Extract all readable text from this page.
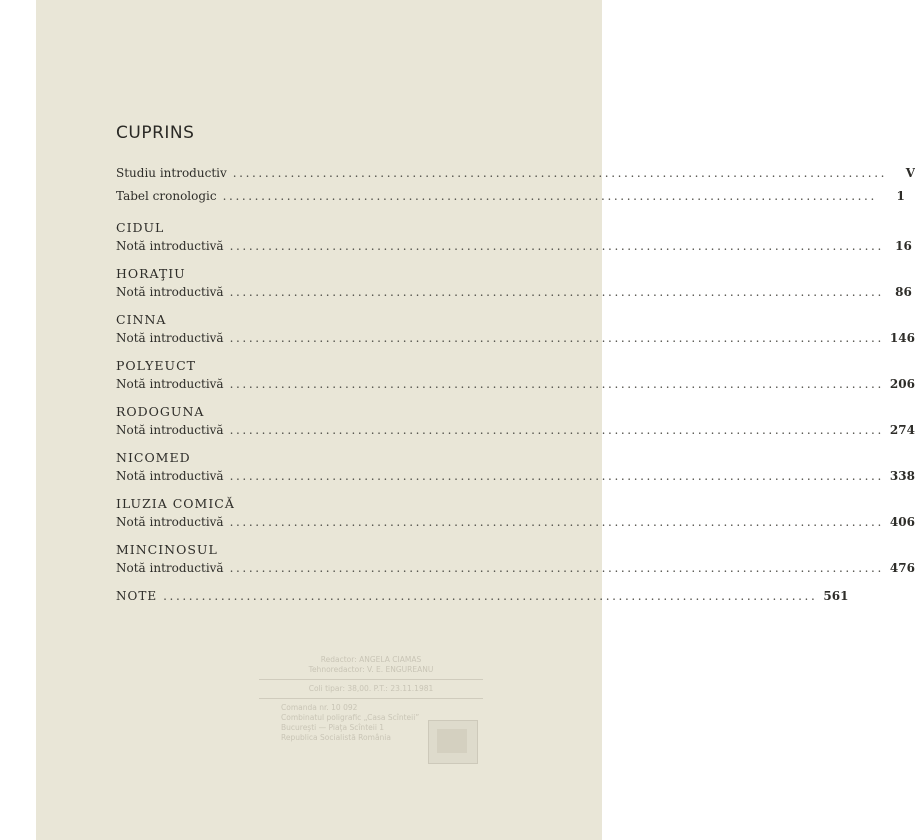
CUPRINS
Studiu introductiv ......................................................................................................	V
Tabel cronologic ......................................................................................................	1
CIDUL
Notă introductivă ...................................................................................................... 16
HORAŢIU
Notă introductivă ...................................................................................................... 86
CINNA
Notă introductivă ...................................................................................................... 146
POLYEUCT
Notă introductivă ...................................................................................................... 206
RODOGUNA
Notă introductivă ...................................................................................................... 274
NICOMED
Notă introductivă ...................................................................................................... 338
ILUZIA COMICĂ
Notă introductivă ...................................................................................................... 406
MINCINOSUL
Notă introductivă ...................................................................................................... 476
NOTE ...................................................................................................... 561
Redactor: ANGELA CIAMAS
Tehnoredactor: V. E. ENGUREANU
Coli tipar: 38,00. P.T.: 23.11.1981
Comanda nr. 10 092
Combinatul poligrafic „Casa Scînteii”
Bucureşti — Piaţa Scînteii 1
Republica Socialistă România
